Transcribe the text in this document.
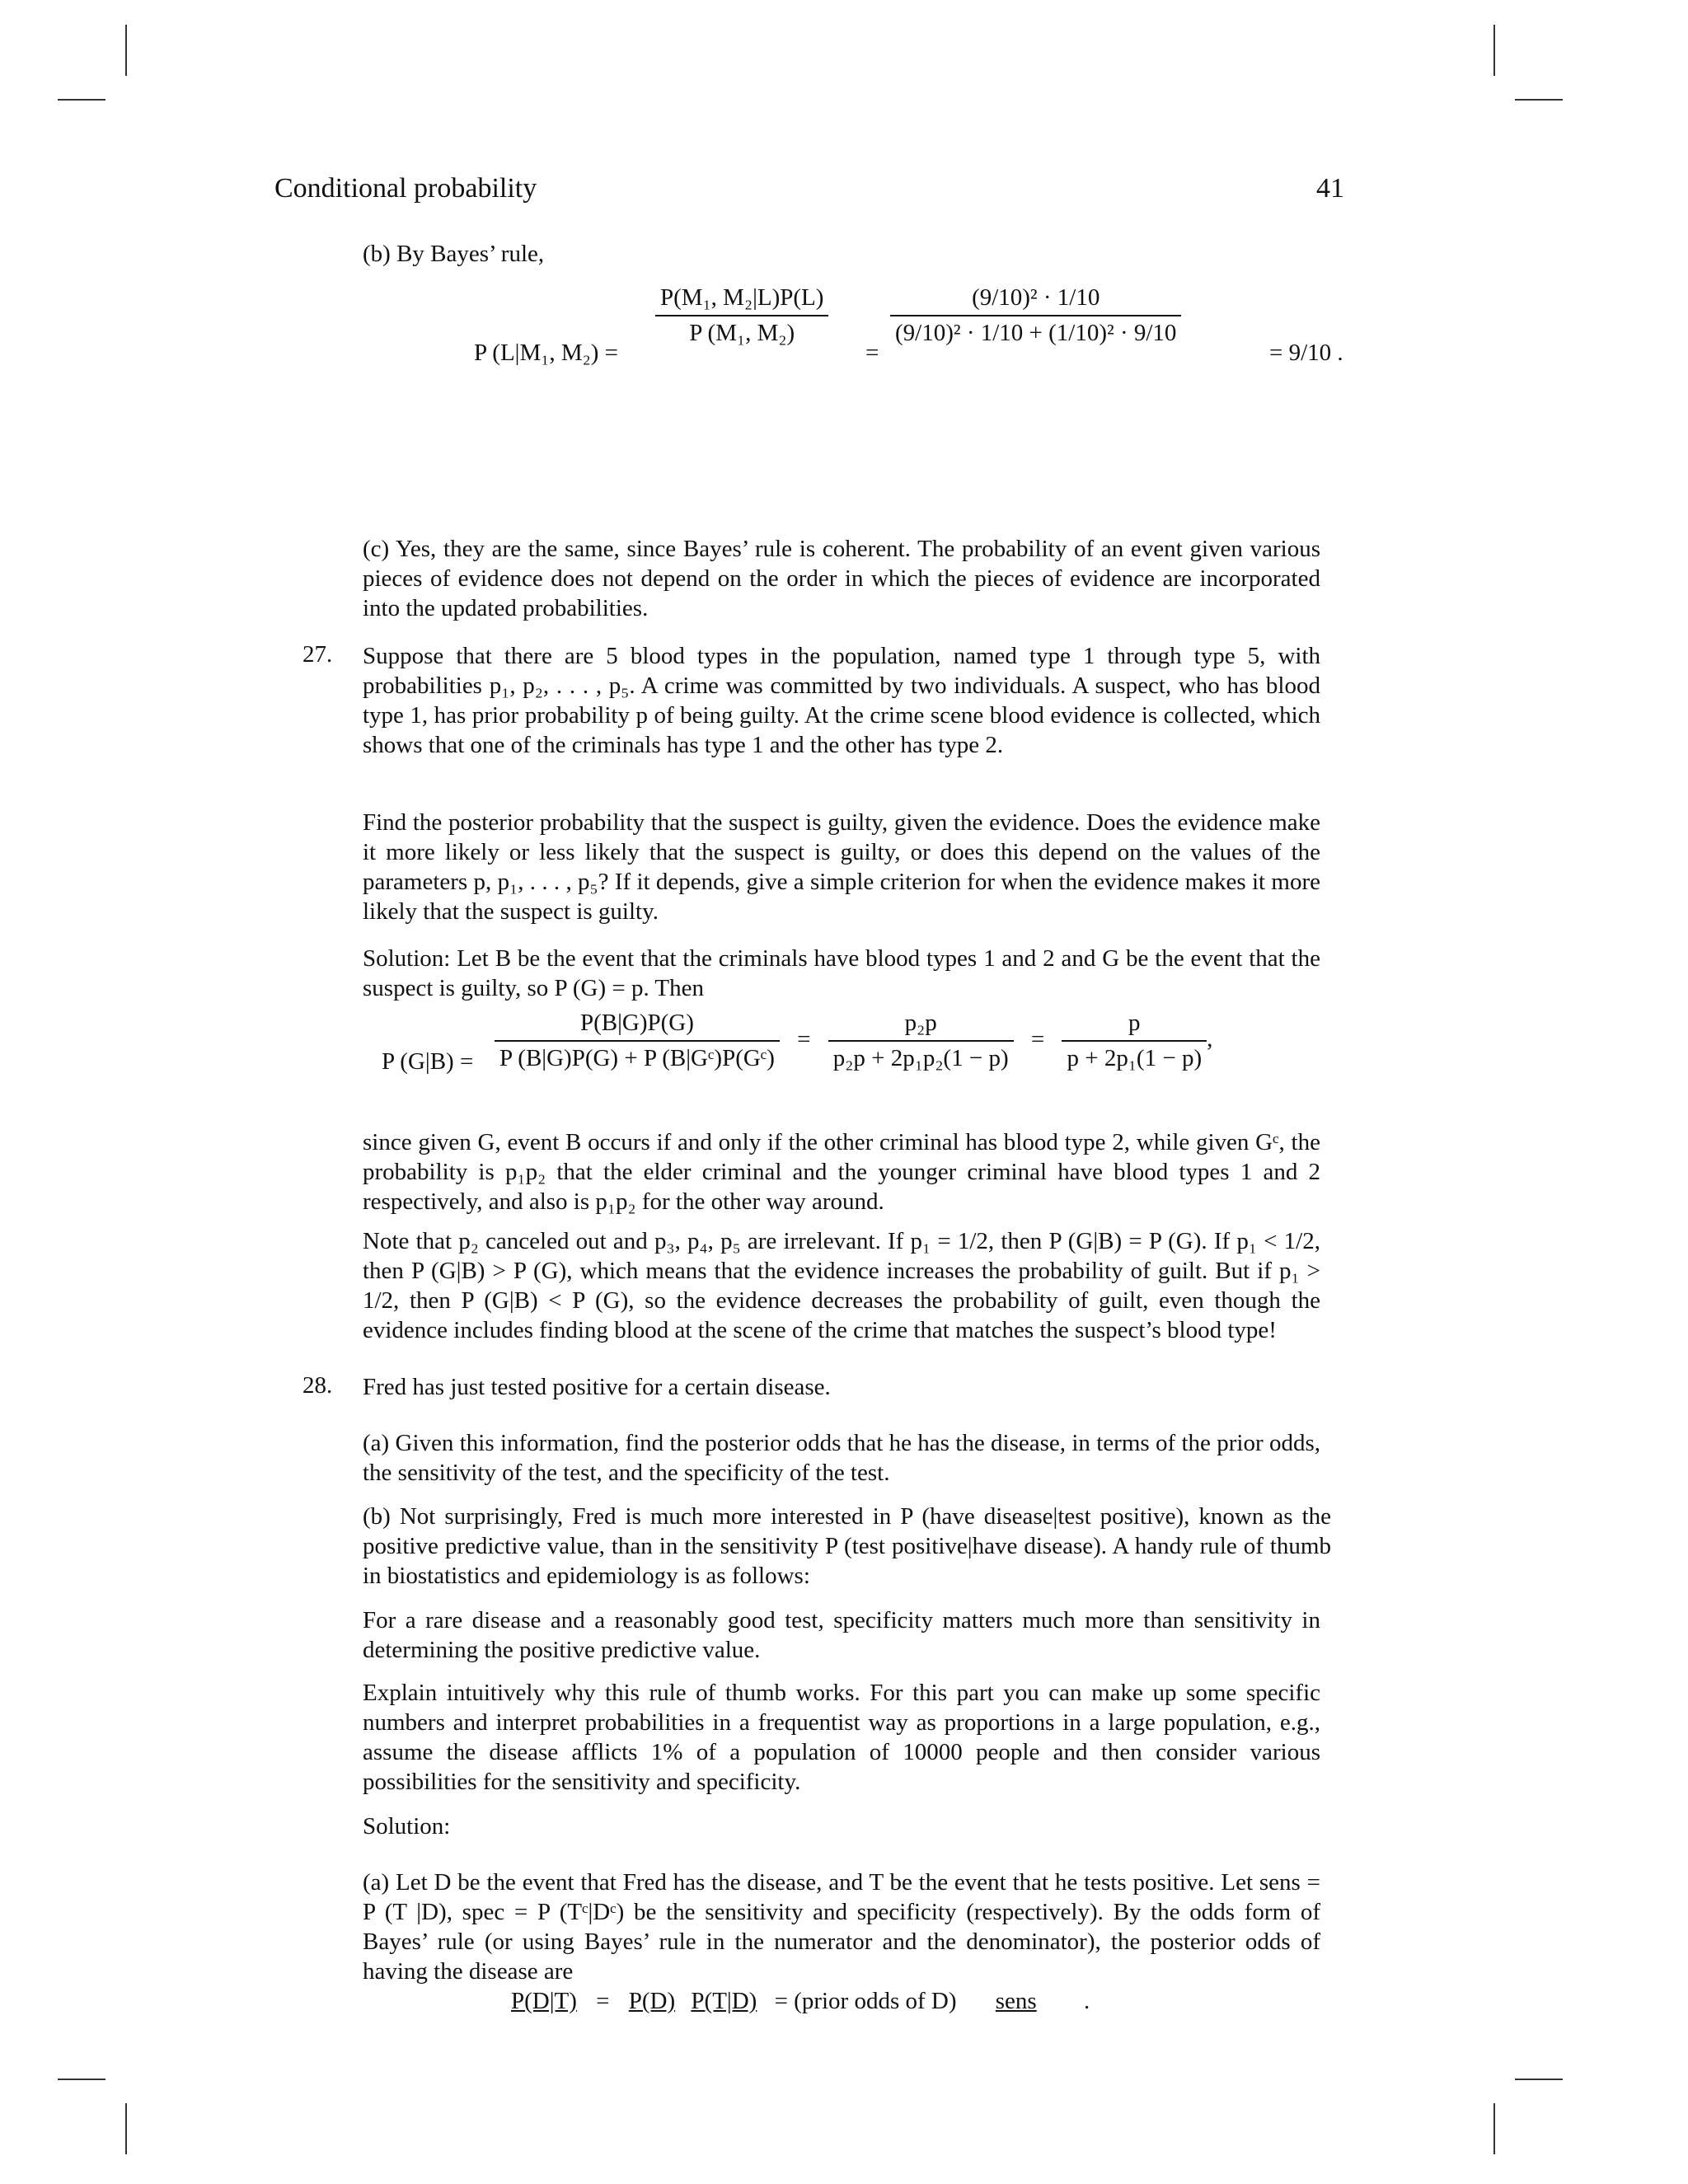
Conditional probability	41
(b) By Bayes’ rule,
P (L|M₁, M₂) =
$\frac{\text{P(M₁, M₂|L)P(L)}}{\text{P (M₁, M₂)}}$
=
$\frac{\text{(9/10)² · 1/10}}{\text{(9/10)² · 1/10 + (1/10)² · 9/10}}$
= 9/10 .
(c) Yes, they are the same, since Bayes’ rule is coherent. The probability of an event given various pieces of evidence does not depend on the order in which the pieces of evidence are incorporated into the updated probabilities.
27. Suppose that there are 5 blood types in the population, named type 1 through type 5, with probabilities p₁, p₂, . . . , p₅. A crime was committed by two individuals. A suspect, who has blood type 1, has prior probability p of being guilty. At the crime scene blood evidence is collected, which shows that one of the criminals has type 1 and the other has type 2.
Find the posterior probability that the suspect is guilty, given the evidence. Does the evidence make it more likely or less likely that the suspect is guilty, or does this depend on the values of the parameters p, p₁, . . . , p₅? If it depends, give a simple criterion for when the evidence makes it more likely that the suspect is guilty.
Solution: Let B be the event that the criminals have blood types 1 and 2 and G be the event that the suspect is guilty, so P (G) = p. Then
P $(G|B) = \frac{P(B|G)P(G)}{\text{P (B|G)P(G) + P (B|Gᶜ)P(Gᶜ)}} = \frac{\text{p₂p}}{\text{p₂p + 2p₁p₂(1 − p)}} = \frac{p}{\text{p + 2p₁(1 − p)}}$ ,
since given G, event B occurs if and only if the other criminal has blood type 2, while given Gᶜ, the probability is p₁p₂ that the elder criminal and the younger criminal have blood types 1 and 2 respectively, and also is p₁p₂ for the other way around.
Note that p₂ canceled out and p₃, p₄, p₅ are irrelevant. If p₁ = 1/2, then P (G|B) = P (G). If p₁ < 1/2, then P (G|B) > P (G), which means that the evidence increases the probability of guilt. But if p₁ > 1/2, then P (G|B) < P (G), so the evidence decreases the probability of guilt, even though the evidence includes finding blood at the scene of the crime that matches the suspect’s blood type!
28. Fred has just tested positive for a certain disease.
(a) Given this information, find the posterior odds that he has the disease, in terms of the prior odds, the sensitivity of the test, and the specificity of the test.
(b) Not surprisingly, Fred is much more interested in P (have disease|test positive), known as the positive predictive value, than in the sensitivity P (test positive|have disease). A handy rule of thumb in biostatistics and epidemiology is as follows:
For a rare disease and a reasonably good test, specificity matters much more than sensitivity in determining the positive predictive value.
Explain intuitively why this rule of thumb works. For this part you can make up some specific numbers and interpret probabilities in a frequentist way as proportions in a large population, e.g., assume the disease afflicts 1% of a population of 10000 people and then consider various possibilities for the sensitivity and specificity.
Solution:
(a) Let D be the event that Fred has the disease, and T be the event that he tests positive. Let sens = P (T |D), spec = P (Tᶜ|Dᶜ) be the sensitivity and specificity (respectively). By the odds form of Bayes’ rule (or using Bayes’ rule in the numerator and the denominator), the posterior odds of having the disease are
P(D|T) = P(D) P(T|D) = (prior odds of D) sens .
